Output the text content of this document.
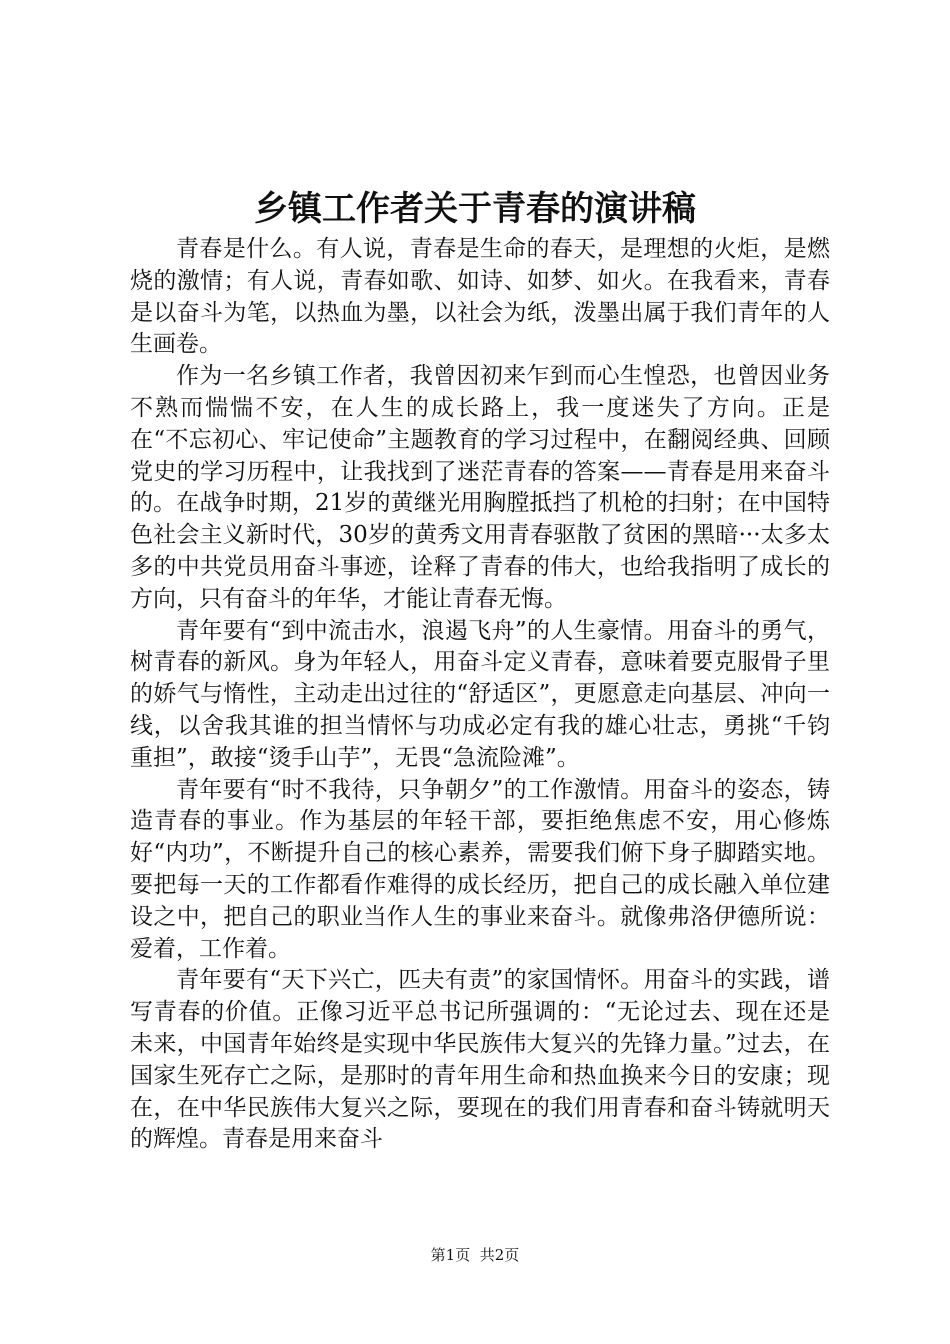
乡镇工作者关于青春的演讲稿

青春是什么。有人说，青春是生命的春天，是理想的火炬，是燃烧的激情；有人说，青春如歌、如诗、如梦、如火。在我看来，青春是以奋斗为笔，以热血为墨，以社会为纸，泼墨出属于我们青年的人生画卷。

作为一名乡镇工作者，我曾因初来乍到而心生惶恐，也曾因业务不熟而惴惴不安，在人生的成长路上，我一度迷失了方向。正是在“不忘初心、牢记使命”主题教育的学习过程中，在翻阅经典、回顾党史的学习历程中，让我找到了迷茫青春的答案——青春是用来奋斗的。在战争时期，21岁的黄继光用胸膛抵挡了机枪的扫射；在中国特色社会主义新时代，30岁的黄秀文用青春驱散了贫困的黑暗···太多太多的中共党员用奋斗事迹，诠释了青春的伟大，也给我指明了成长的方向，只有奋斗的年华，才能让青春无悔。

青年要有“到中流击水，浪遏飞舟”的人生豪情。用奋斗的勇气，树青春的新风。身为年轻人，用奋斗定义青春，意味着要克服骨子里的娇气与惰性，主动走出过往的“舒适区”，更愿意走向基层、冲向一线，以舍我其谁的担当情怀与功成必定有我的雄心壮志，勇挑“千钧重担”，敢接“烫手山芋”，无畏“急流险滩”。

青年要有“时不我待，只争朝夕”的工作激情。用奋斗的姿态，铸造青春的事业。作为基层的年轻干部，要拒绝焦虑不安，用心修炼好“内功”，不断提升自己的核心素养，需要我们俯下身子脚踏实地。要把每一天的工作都看作难得的成长经历，把自己的成长融入单位建设之中，把自己的职业当作人生的事业来奋斗。就像弗洛伊德所说：爱着，工作着。

青年要有“天下兴亡，匹夫有责”的家国情怀。用奋斗的实践，谱写青春的价值。正像习近平总书记所强调的：“无论过去、现在还是未来，中国青年始终是实现中华民族伟大复兴的先锋力量。”过去，在国家生死存亡之际，是那时的青年用生命和热血换来今日的安康；现在，在中华民族伟大复兴之际，要现在的我们用青春和奋斗铸就明天的辉煌。青春是用来奋斗

第1页 共2页
